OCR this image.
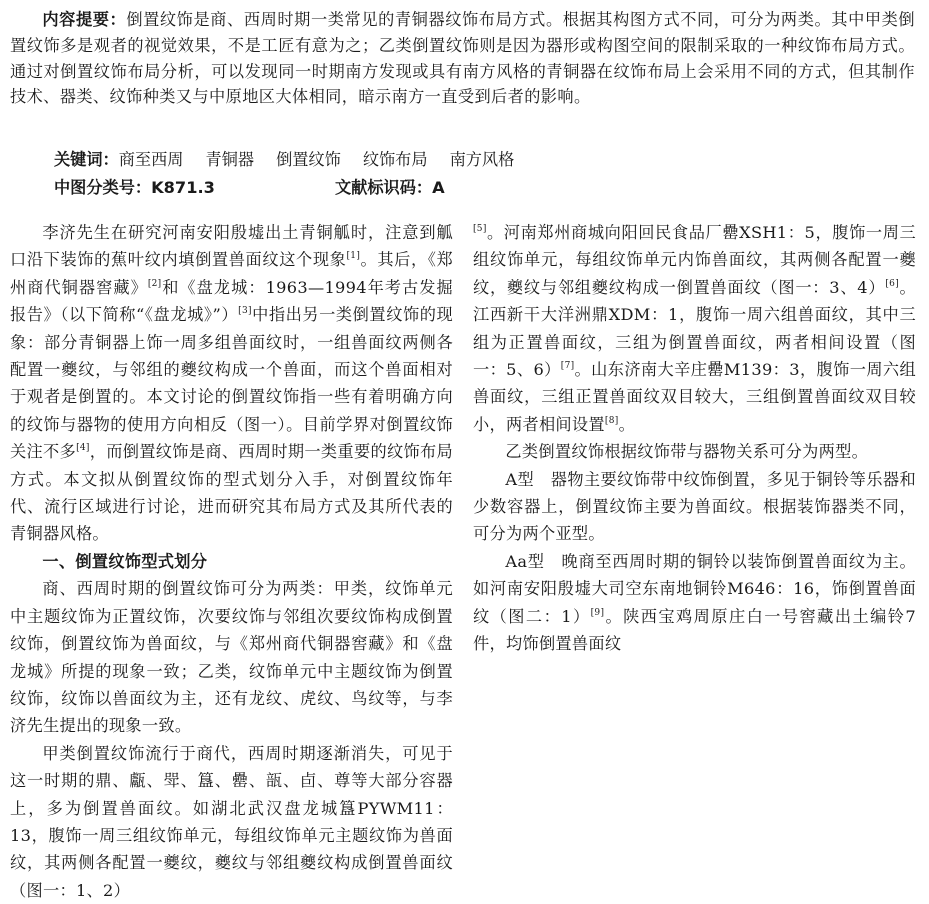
内容提要：倒置纹饰是商、西周时期一类常见的青铜器纹饰布局方式。根据其构图方式不同，可分为两类。其中甲类倒置纹饰多是观者的视觉效果，不是工匠有意为之；乙类倒置纹饰则是因为器形或构图空间的限制采取的一种纹饰布局方式。通过对倒置纹饰布局分析，可以发现同一时期南方发现或具有南方风格的青铜器在纹饰布局上会采用不同的方式，但其制作技术、器类、纹饰种类又与中原地区大体相同，暗示南方一直受到后者的影响。

关键词：商至西周 青铜器 倒置纹饰 纹饰布局 南方风格
中图分类号：K871.3	文献标识码：A

李济先生在研究河南安阳殷墟出土青铜觚时，注意到觚口沿下装饰的蕉叶纹内填倒置兽面纹这个现象[1]。其后，《郑州商代铜器窖藏》[2]和《盘龙城：1963—1994年考古发掘报告》（以下简称“《盘龙城》”）[3]中指出另一类倒置纹饰的现象：部分青铜器上饰一周多组兽面纹时，一组兽面纹两侧各配置一夔纹，与邻组的夔纹构成一个兽面，而这个兽面相对于观者是倒置的。本文讨论的倒置纹饰指一些有着明确方向的纹饰与器物的使用方向相反（图一）。目前学界对倒置纹饰关注不多[4]，而倒置纹饰是商、西周时期一类重要的纹饰布局方式。本文拟从倒置纹饰的型式划分入手，对倒置纹饰年代、流行区域进行讨论，进而研究其布局方式及其所代表的青铜器风格。

一、倒置纹饰型式划分

商、西周时期的倒置纹饰可分为两类：甲类，纹饰单元中主题纹饰为正置纹饰，次要纹饰与邻组次要纹饰构成倒置纹饰，倒置纹饰为兽面纹，与《郑州商代铜器窖藏》和《盘龙城》所提的现象一致；乙类，纹饰单元中主题纹饰为倒置纹饰，纹饰以兽面纹为主，还有龙纹、虎纹、鸟纹等，与李济先生提出的现象一致。

甲类倒置纹饰流行于商代，西周时期逐渐消失，可见于这一时期的鼎、甗、斝、簋、罍、瓿、卣、尊等大部分容器上，多为倒置兽面纹。如湖北武汉盘龙城簋PYWM11：13，腹饰一周三组纹饰单元，每组纹饰单元主题纹饰为兽面纹，其两侧各配置一夔纹，夔纹与邻组夔纹构成倒置兽面纹（图一：1、2）

[5]。河南郑州商城向阳回民食品厂罍XSH1：5，腹饰一周三组纹饰单元，每组纹饰单元内饰兽面纹，其两侧各配置一夔纹，夔纹与邻组夔纹构成一倒置兽面纹（图一：3、4）[6]。江西新干大洋洲鼎XDM：1，腹饰一周六组兽面纹，其中三组为正置兽面纹，三组为倒置兽面纹，两者相间设置（图一：5、6）[7]。山东济南大辛庄罍M139：3，腹饰一周六组兽面纹，三组正置兽面纹双目较大，三组倒置兽面纹双目较小，两者相间设置[8]。

乙类倒置纹饰根据纹饰带与器物关系可分为两型。

A型　 器物主要纹饰带中纹饰倒置，多见于铜铃等乐器和少数容器上，倒置纹饰主要为兽面纹。根据装饰器类不同，可分为两个亚型。

Aa型　 晚商至西周时期的铜铃以装饰倒置兽面纹为主。如河南安阳殷墟大司空东南地铜铃M646：16，饰倒置兽面纹（图二：1）[9]。陕西宝鸡周原庄白一号窖藏出土编铃7件，均饰倒置兽面纹
